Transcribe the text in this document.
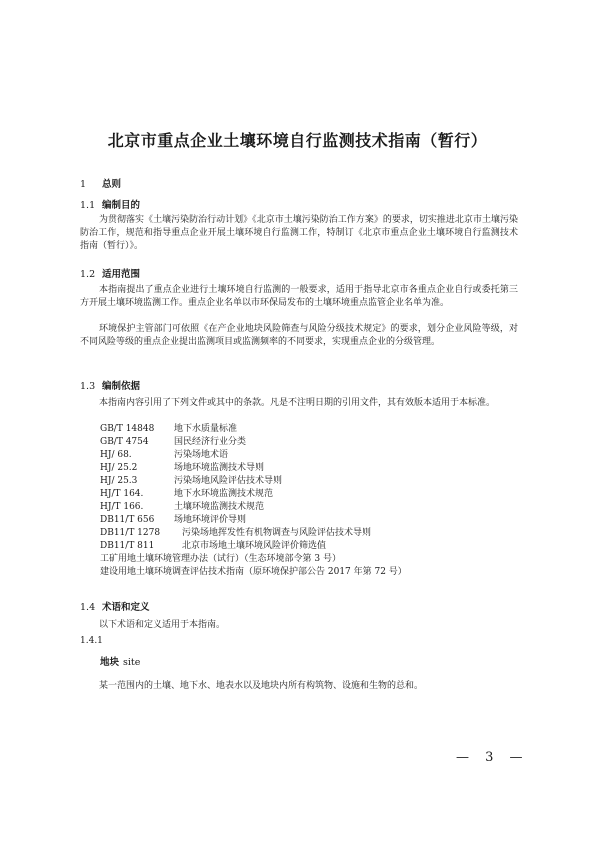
北京市重点企业土壤环境自行监测技术指南（暂行）
1 总则
1.1 编制目的

为贯彻落实《土壤污染防治行动计划》《北京市土壤污染防治工作方案》的要求，切实推进北京市土壤污染防治工作，规范和指导重点企业开展土壤环境自行监测工作，特制订《北京市重点企业土壤环境自行监测技术指南（暂行）》。

1.2 适用范围

本指南提出了重点企业进行土壤环境自行监测的一般要求，适用于指导北京市各重点企业自行或委托第三方开展土壤环境监测工作。重点企业名单以市环保局发布的土壤环境重点监管企业名单为准。

环境保护主管部门可依照《在产企业地块风险筛查与风险分级技术规定》的要求，划分企业风险等级，对不同风险等级的重点企业提出监测项目或监测频率的不同要求，实现重点企业的分级管理。

1.3 编制依据

本指南内容引用了下列文件或其中的条款。凡是不注明日期的引用文件，其有效版本适用于本标准。

GB/T 14848 地下水质量标准
GB/T 4754	国民经济行业分类
HJ/ 68.	污染场地术语
HJ/ 25.2	场地环境监测技术导则
HJ/ 25.3	污染场地风险评估技术导则
HJ/T 164.	地下水环境监测技术规范
HJ/T 166.	土壤环境监测技术规范
DB11/T 656 场地环境评价导则
DB11/T 1278 污染场地挥发性有机物调查与风险评估技术导则
DB11/T 811	北京市场地土壤环境风险评价筛选值
工矿用地土壤环境管理办法（试行）（生态环境部令第 3 号）
建设用地土壤环境调查评估技术指南（原环境保护部公告 2017 年第 72 号）
1.4 术语和定义
以下术语和定义适用于本指南。
1.4.1
地块 site
某一范围内的土壤、地下水、地表水以及地块内所有构筑物、设施和生物的总和。
— 3 —
